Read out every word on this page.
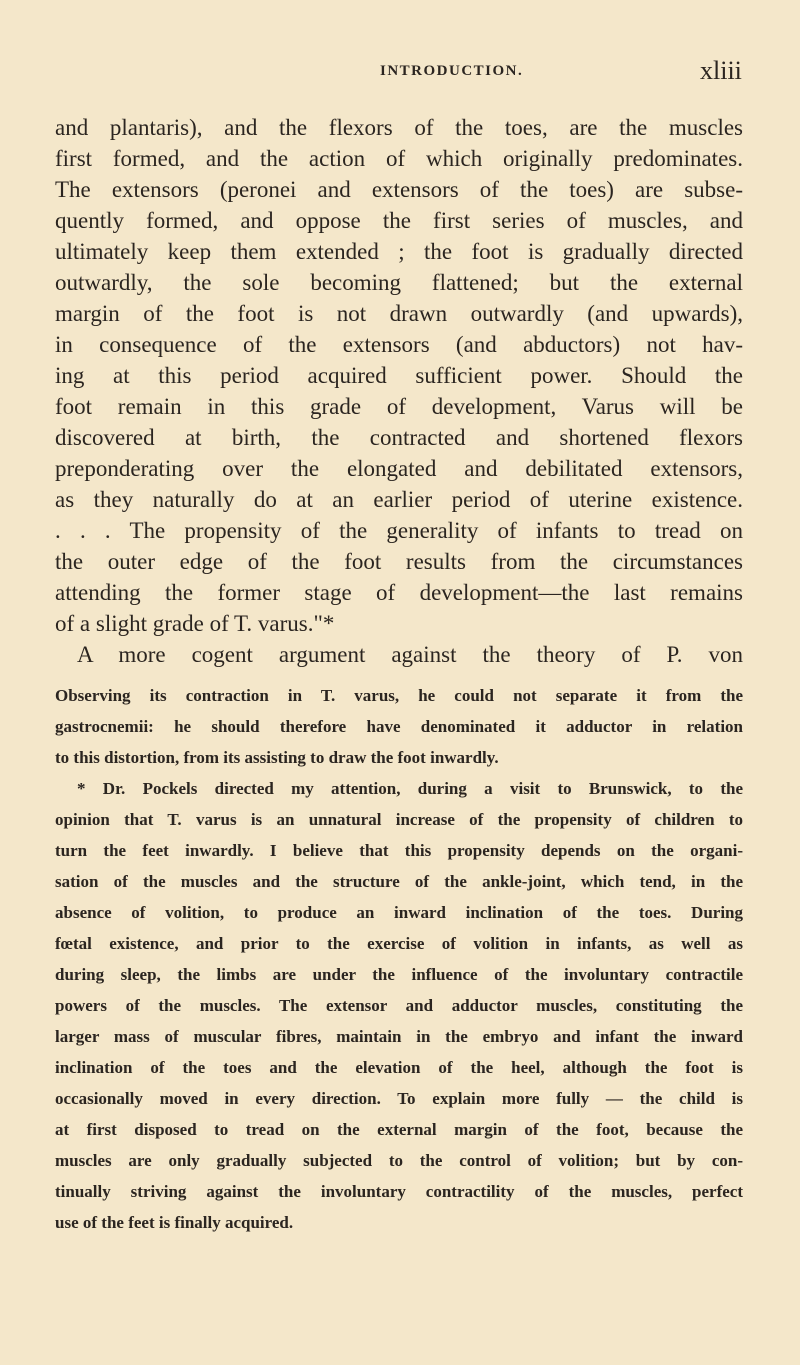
INTRODUCTION.	xliii
and plantaris), and the flexors of the toes, are the muscles
first formed, and the action of which originally predominates.
The extensors (peronei and extensors of the toes) are subse-
quently formed, and oppose the first series of muscles, and
ultimately keep them extended ; the foot is gradually directed
outwardly, the sole becoming flattened; but the external
margin of the foot is not drawn outwardly (and upwards),
in consequence of the extensors (and abductors) not hav-
ing at this period acquired sufficient power. Should the
foot remain in this grade of development, Varus will be
discovered at birth, the contracted and shortened flexors
preponderating over the elongated and debilitated extensors,
as they naturally do at an earlier period of uterine existence.
. . . The propensity of the generality of infants to tread on
the outer edge of the foot results from the circumstances
attending the former stage of development—the last remains
of a slight grade of T. varus."*
A more cogent argument against the theory of P. von
Observing its contraction in T. varus, he could not separate it from the
gastrocnemii: he should therefore have denominated it adductor in relation
to this distortion, from its assisting to draw the foot inwardly.
* Dr. Pockels directed my attention, during a visit to Brunswick, to the
opinion that T. varus is an unnatural increase of the propensity of children to
turn the feet inwardly. I believe that this propensity depends on the organi-
sation of the muscles and the structure of the ankle-joint, which tend, in the
absence of volition, to produce an inward inclination of the toes. During
fœtal existence, and prior to the exercise of volition in infants, as well as
during sleep, the limbs are under the influence of the involuntary contractile
powers of the muscles. The extensor and adductor muscles, constituting the
larger mass of muscular fibres, maintain in the embryo and infant the inward
inclination of the toes and the elevation of the heel, although the foot is
occasionally moved in every direction. To explain more fully — the child is
at first disposed to tread on the external margin of the foot, because the
muscles are only gradually subjected to the control of volition; but by con-
tinually striving against the involuntary contractility of the muscles, perfect
use of the feet is finally acquired.
